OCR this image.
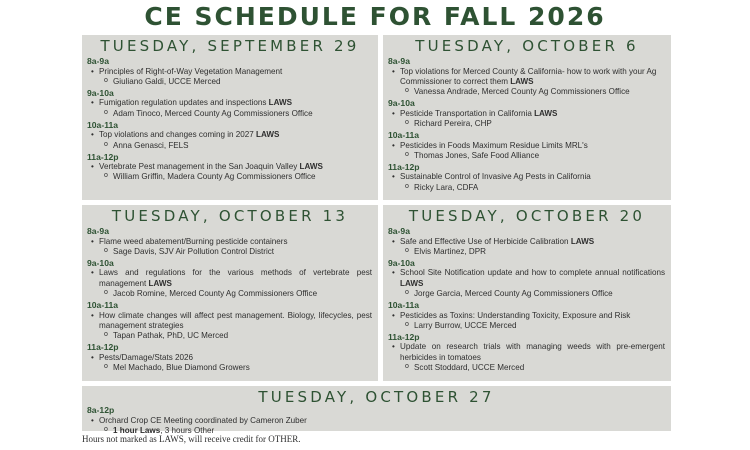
CE SCHEDULE FOR FALL 2026
TUESDAY, SEPTEMBER 29
8a-9a
• Principles of Right-of-Way Vegetation Management
o Giuliano Galdi, UCCE Merced
9a-10a
• Fumigation regulation updates and inspections LAWS
o Adam Tinoco, Merced County Ag Commissioners Office
10a-11a
• Top violations and changes coming in 2027 LAWS
o Anna Genasci, FELS
11a-12p
• Vertebrate Pest management in the San Joaquin Valley LAWS
o William Griffin, Madera County Ag Commissioners Office
TUESDAY, OCTOBER 6
8a-9a
• Top violations for Merced County & California- how to work with your Ag Commissioner to correct them LAWS
o Vanessa Andrade, Merced County Ag Commissioners Office
9a-10a
• Pesticide Transportation in California LAWS
o Richard Pereira, CHP
10a-11a
• Pesticides in Foods Maximum Residue Limits MRL's
o Thomas Jones, Safe Food Alliance
11a-12p
• Sustainable Control of Invasive Ag Pests in California
o Ricky Lara, CDFA
TUESDAY, OCTOBER 13
8a-9a
• Flame weed abatement/Burning pesticide containers
o Sage Davis, SJV Air Pollution Control District
9a-10a
• Laws and regulations for the various methods of vertebrate pest management LAWS
o Jacob Romine, Merced County Ag Commissioners Office
10a-11a
• How climate changes will affect pest management. Biology, lifecycles, pest management strategies
o Tapan Pathak, PhD, UC Merced
11a-12p
• Pests/Damage/Stats 2026
o Mel Machado, Blue Diamond Growers
TUESDAY, OCTOBER 20
8a-9a
• Safe and Effective Use of Herbicide Calibration LAWS
o Elvis Martinez, DPR
9a-10a
• School Site Notification update and how to complete annual notifications LAWS
o Jorge Garcia, Merced County Ag Commissioners Office
10a-11a
• Pesticides as Toxins: Understanding Toxicity, Exposure and Risk
o Larry Burrow, UCCE Merced
11a-12p
• Update on research trials with managing weeds with pre-emergent herbicides in tomatoes
o Scott Stoddard, UCCE Merced
TUESDAY, OCTOBER 27
8a-12p
• Orchard Crop CE Meeting coordinated by Cameron Zuber
o 1 hour Laws, 3 hours Other
Hours not marked as LAWS, will receive credit for OTHER.
